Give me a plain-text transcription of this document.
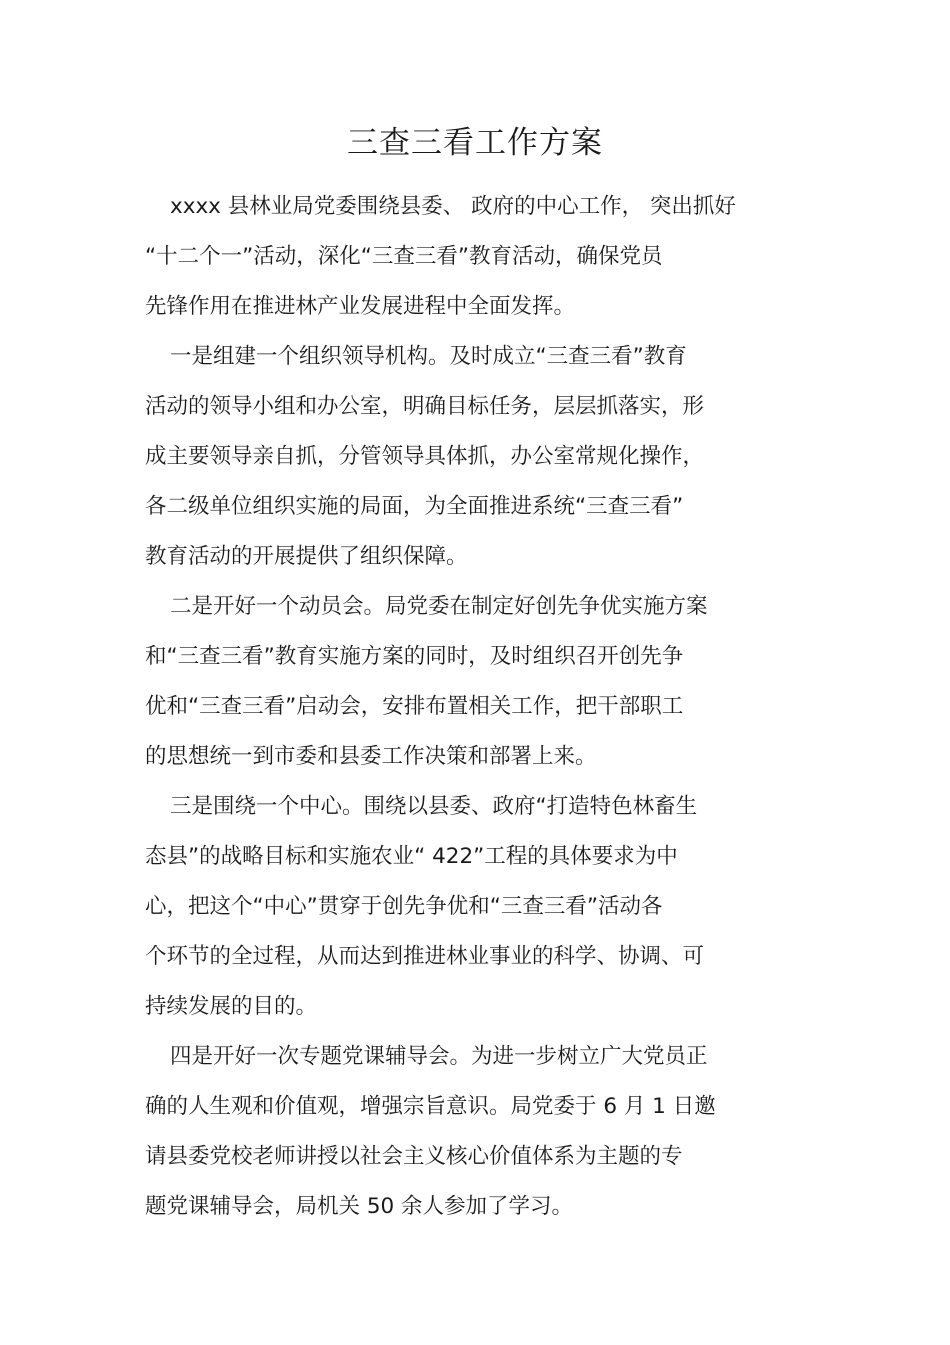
三查三看工作方案

xxxx 县林业局党委围绕县委、 政府的中心工作， 突出抓好

“十二个一”活动，深化“三查三看”教育活动，确保党员

先锋作用在推进林产业发展进程中全面发挥。

一是组建一个组织领导机构。及时成立“三查三看”教育

活动的领导小组和办公室，明确目标任务，层层抓落实，形

成主要领导亲自抓，分管领导具体抓，办公室常规化操作，

各二级单位组织实施的局面，为全面推进系统“三查三看”

教育活动的开展提供了组织保障。

二是开好一个动员会。局党委在制定好创先争优实施方案

和“三查三看”教育实施方案的同时，及时组织召开创先争

优和“三查三看”启动会，安排布置相关工作，把干部职工

的思想统一到市委和县委工作决策和部署上来。

三是围绕一个中心。围绕以县委、政府“打造特色林畜生

态县”的战略目标和实施农业“ 422”工程的具体要求为中

心，把这个“中心”贯穿于创先争优和“三查三看”活动各

个环节的全过程，从而达到推进林业事业的科学、协调、可

持续发展的目的。

四是开好一次专题党课辅导会。为进一步树立广大党员正

确的人生观和价值观，增强宗旨意识。局党委于 6 月 1 日邀

请县委党校老师讲授以社会主义核心价值体系为主题的专

题党课辅导会，局机关 50 余人参加了学习。
